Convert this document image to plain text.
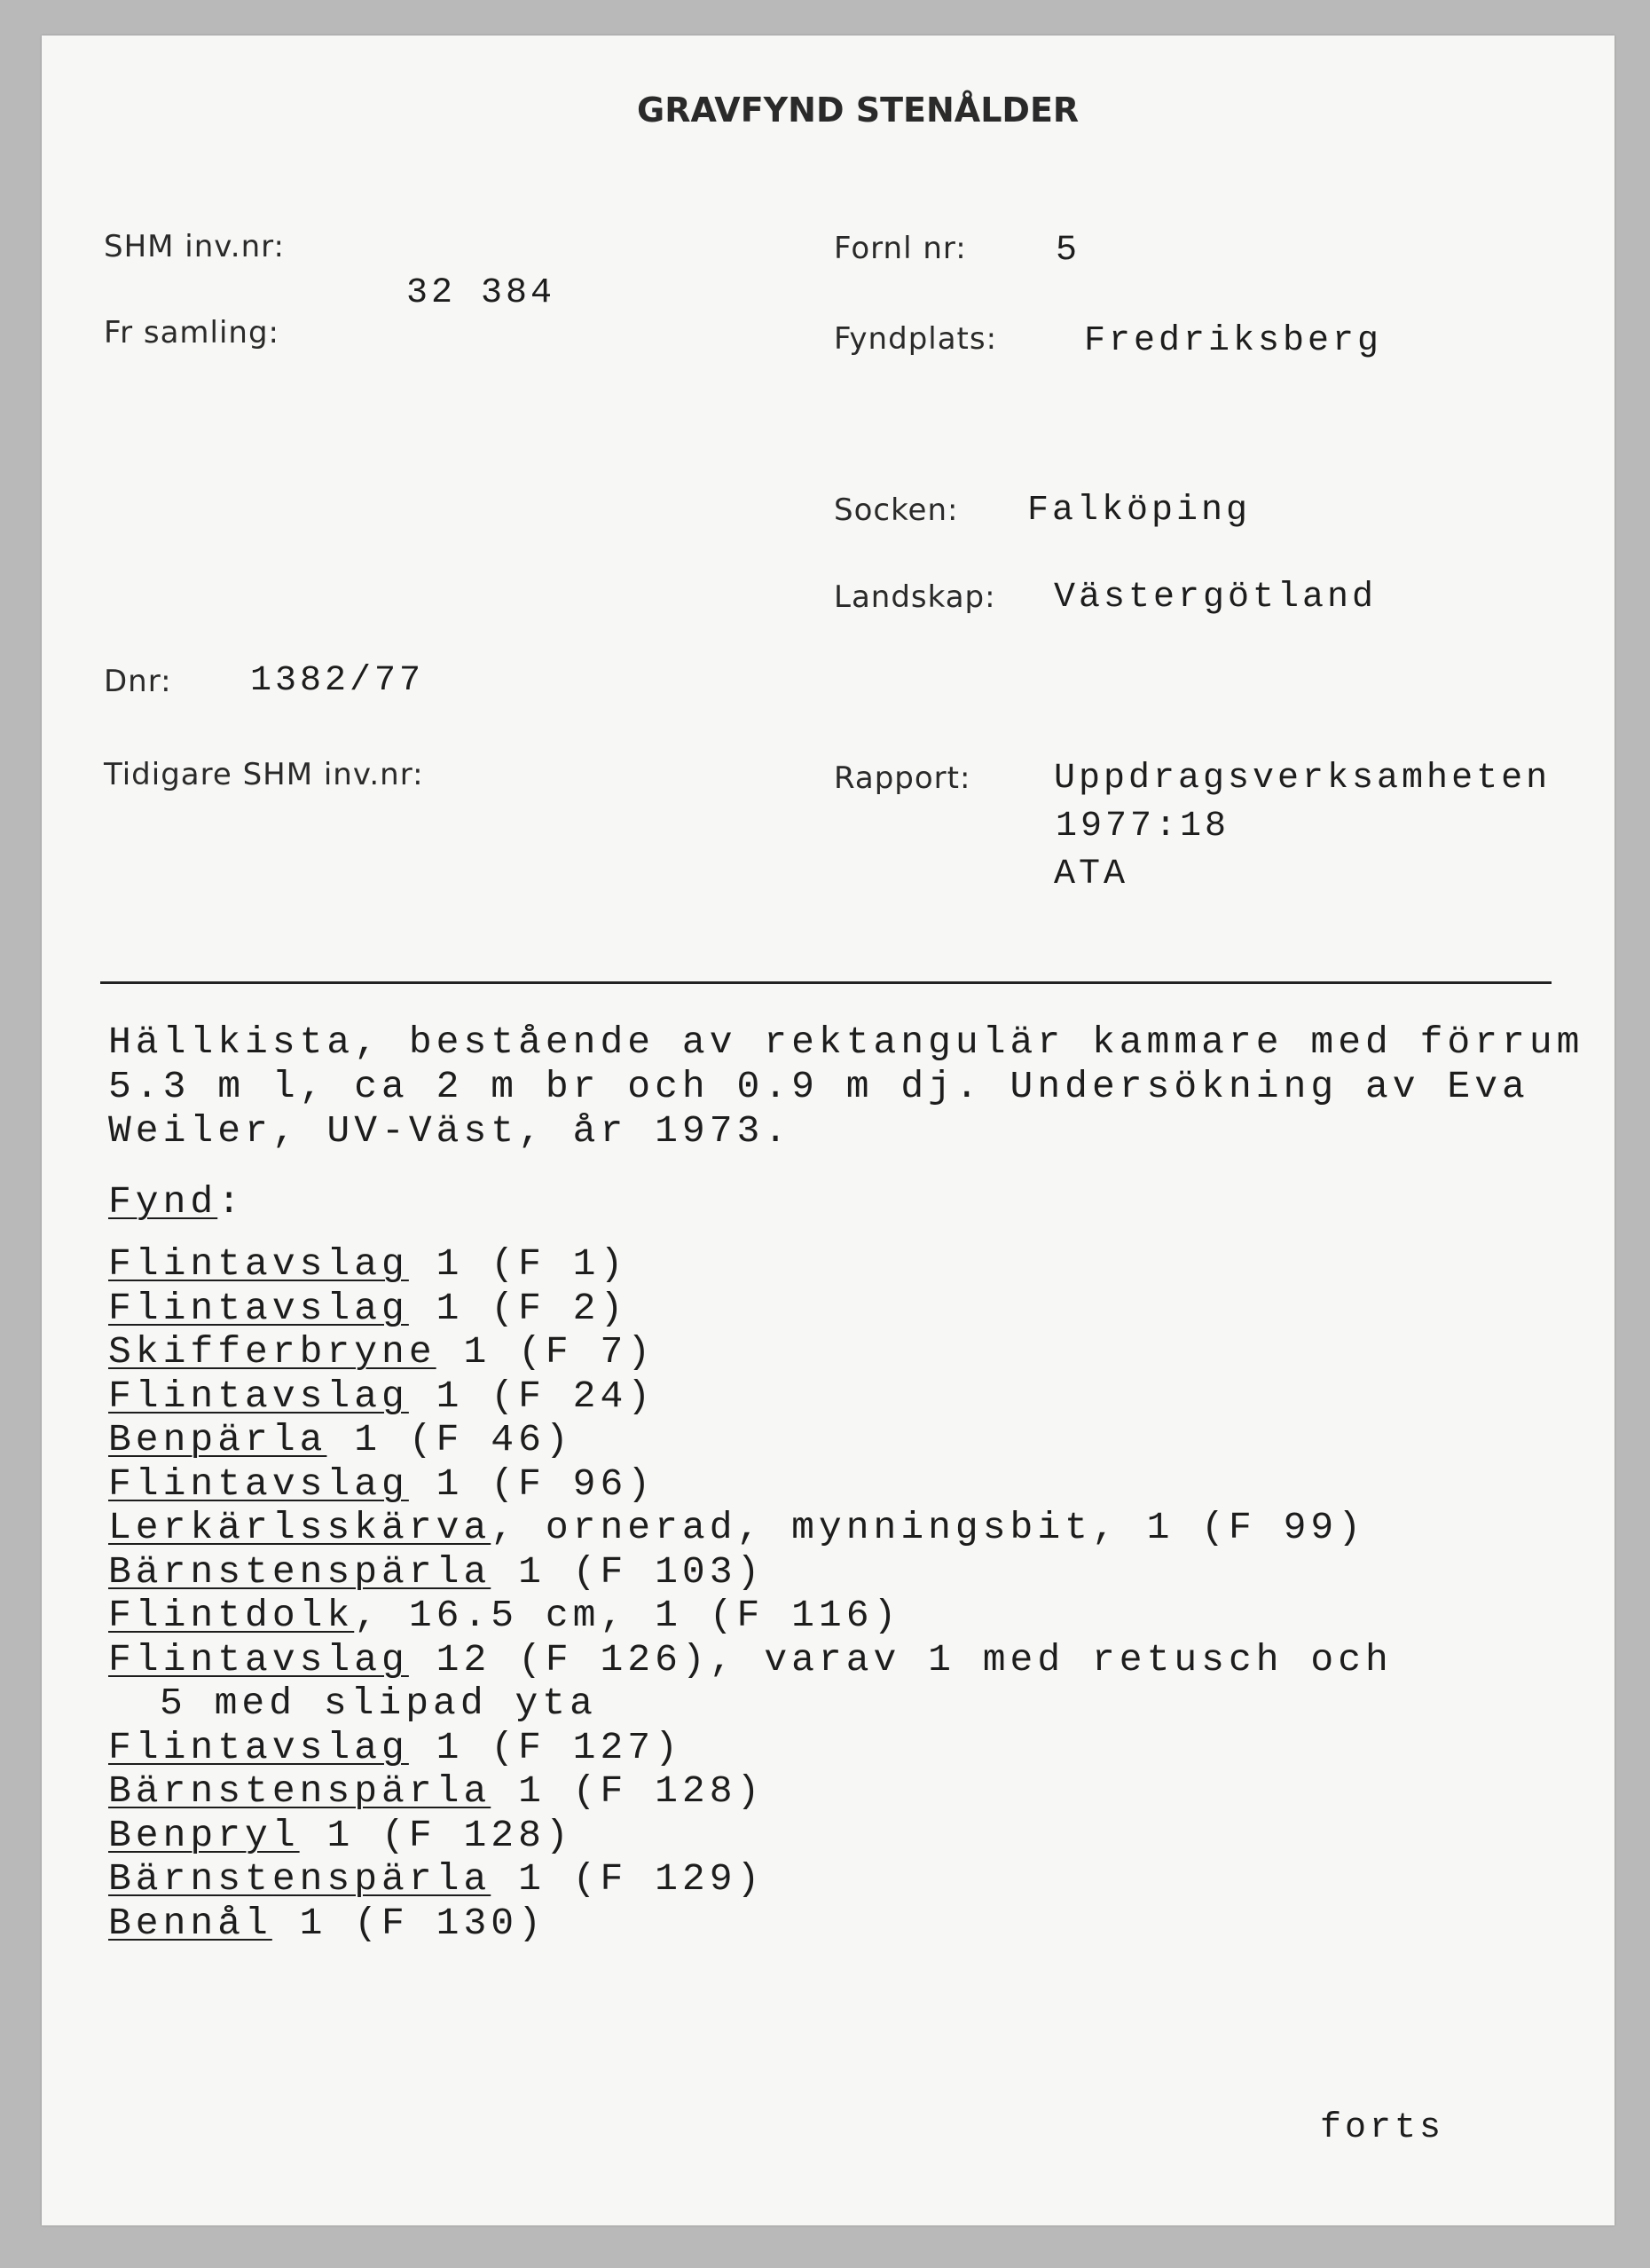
GRAVFYND STENÅLDER
SHM inv.nr:
32 384
Fr samling:
Dnr: 1382/77
Tidigare SHM inv.nr:
Fornl nr:	5
Fyndplats: Fredriksberg
Socken: Falköping
Landskap: Västergötland
Rapport: Uppdragsverksamheten
1977:18
ATA
Hällkista, bestående av rektangulär kammare med förrum
5.3 m l, ca 2 m br och 0.9 m dj. Undersökning av Eva
Weiler, UV-Väst, år 1973.
Fynd:
Flintavslag 1 (F 1)
Flintavslag 1 (F 2)
Skifferbryne 1 (F 7)
Flintavslag 1 (F 24)
Benpärla 1 (F 46)
Flintavslag 1 (F 96)
Lerkärlsskärva, ornerad, mynningsbit, 1 (F 99)
Bärnstenspärla 1 (F 103)
Flintdolk, 16.5 cm, 1 (F 116)
Flintavslag 12 (F 126), varav 1 med retusch och
5 med slipad yta
Flintavslag 1 (F 127)
Bärnstenspärla 1 (F 128)
Benpryl 1 (F 128)
Bärnstenspärla 1 (F 129)
Bennål 1 (F 130)
forts
